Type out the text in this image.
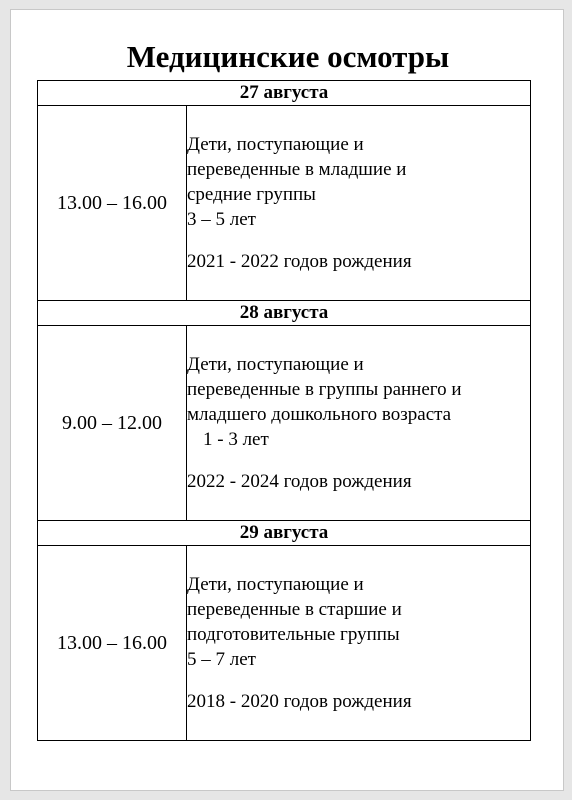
Медицинские осмотры
27 августа	
13.00 – 16.00	Дети, поступающие и
переведенные в младшие и
средние группы
3 – 5 лет
2021 - 2022 годов рождения

28 августа	
9.00 – 12.00	Дети, поступающие и
переведенные в группы раннего и
младшего дошкольного возраста
1 - 3 лет
2022 - 2024 годов рождения

29 августа	
13.00 – 16.00	Дети, поступающие и
переведенные в старшие и
подготовительные группы
5 – 7 лет
2018 - 2020 годов рождения
